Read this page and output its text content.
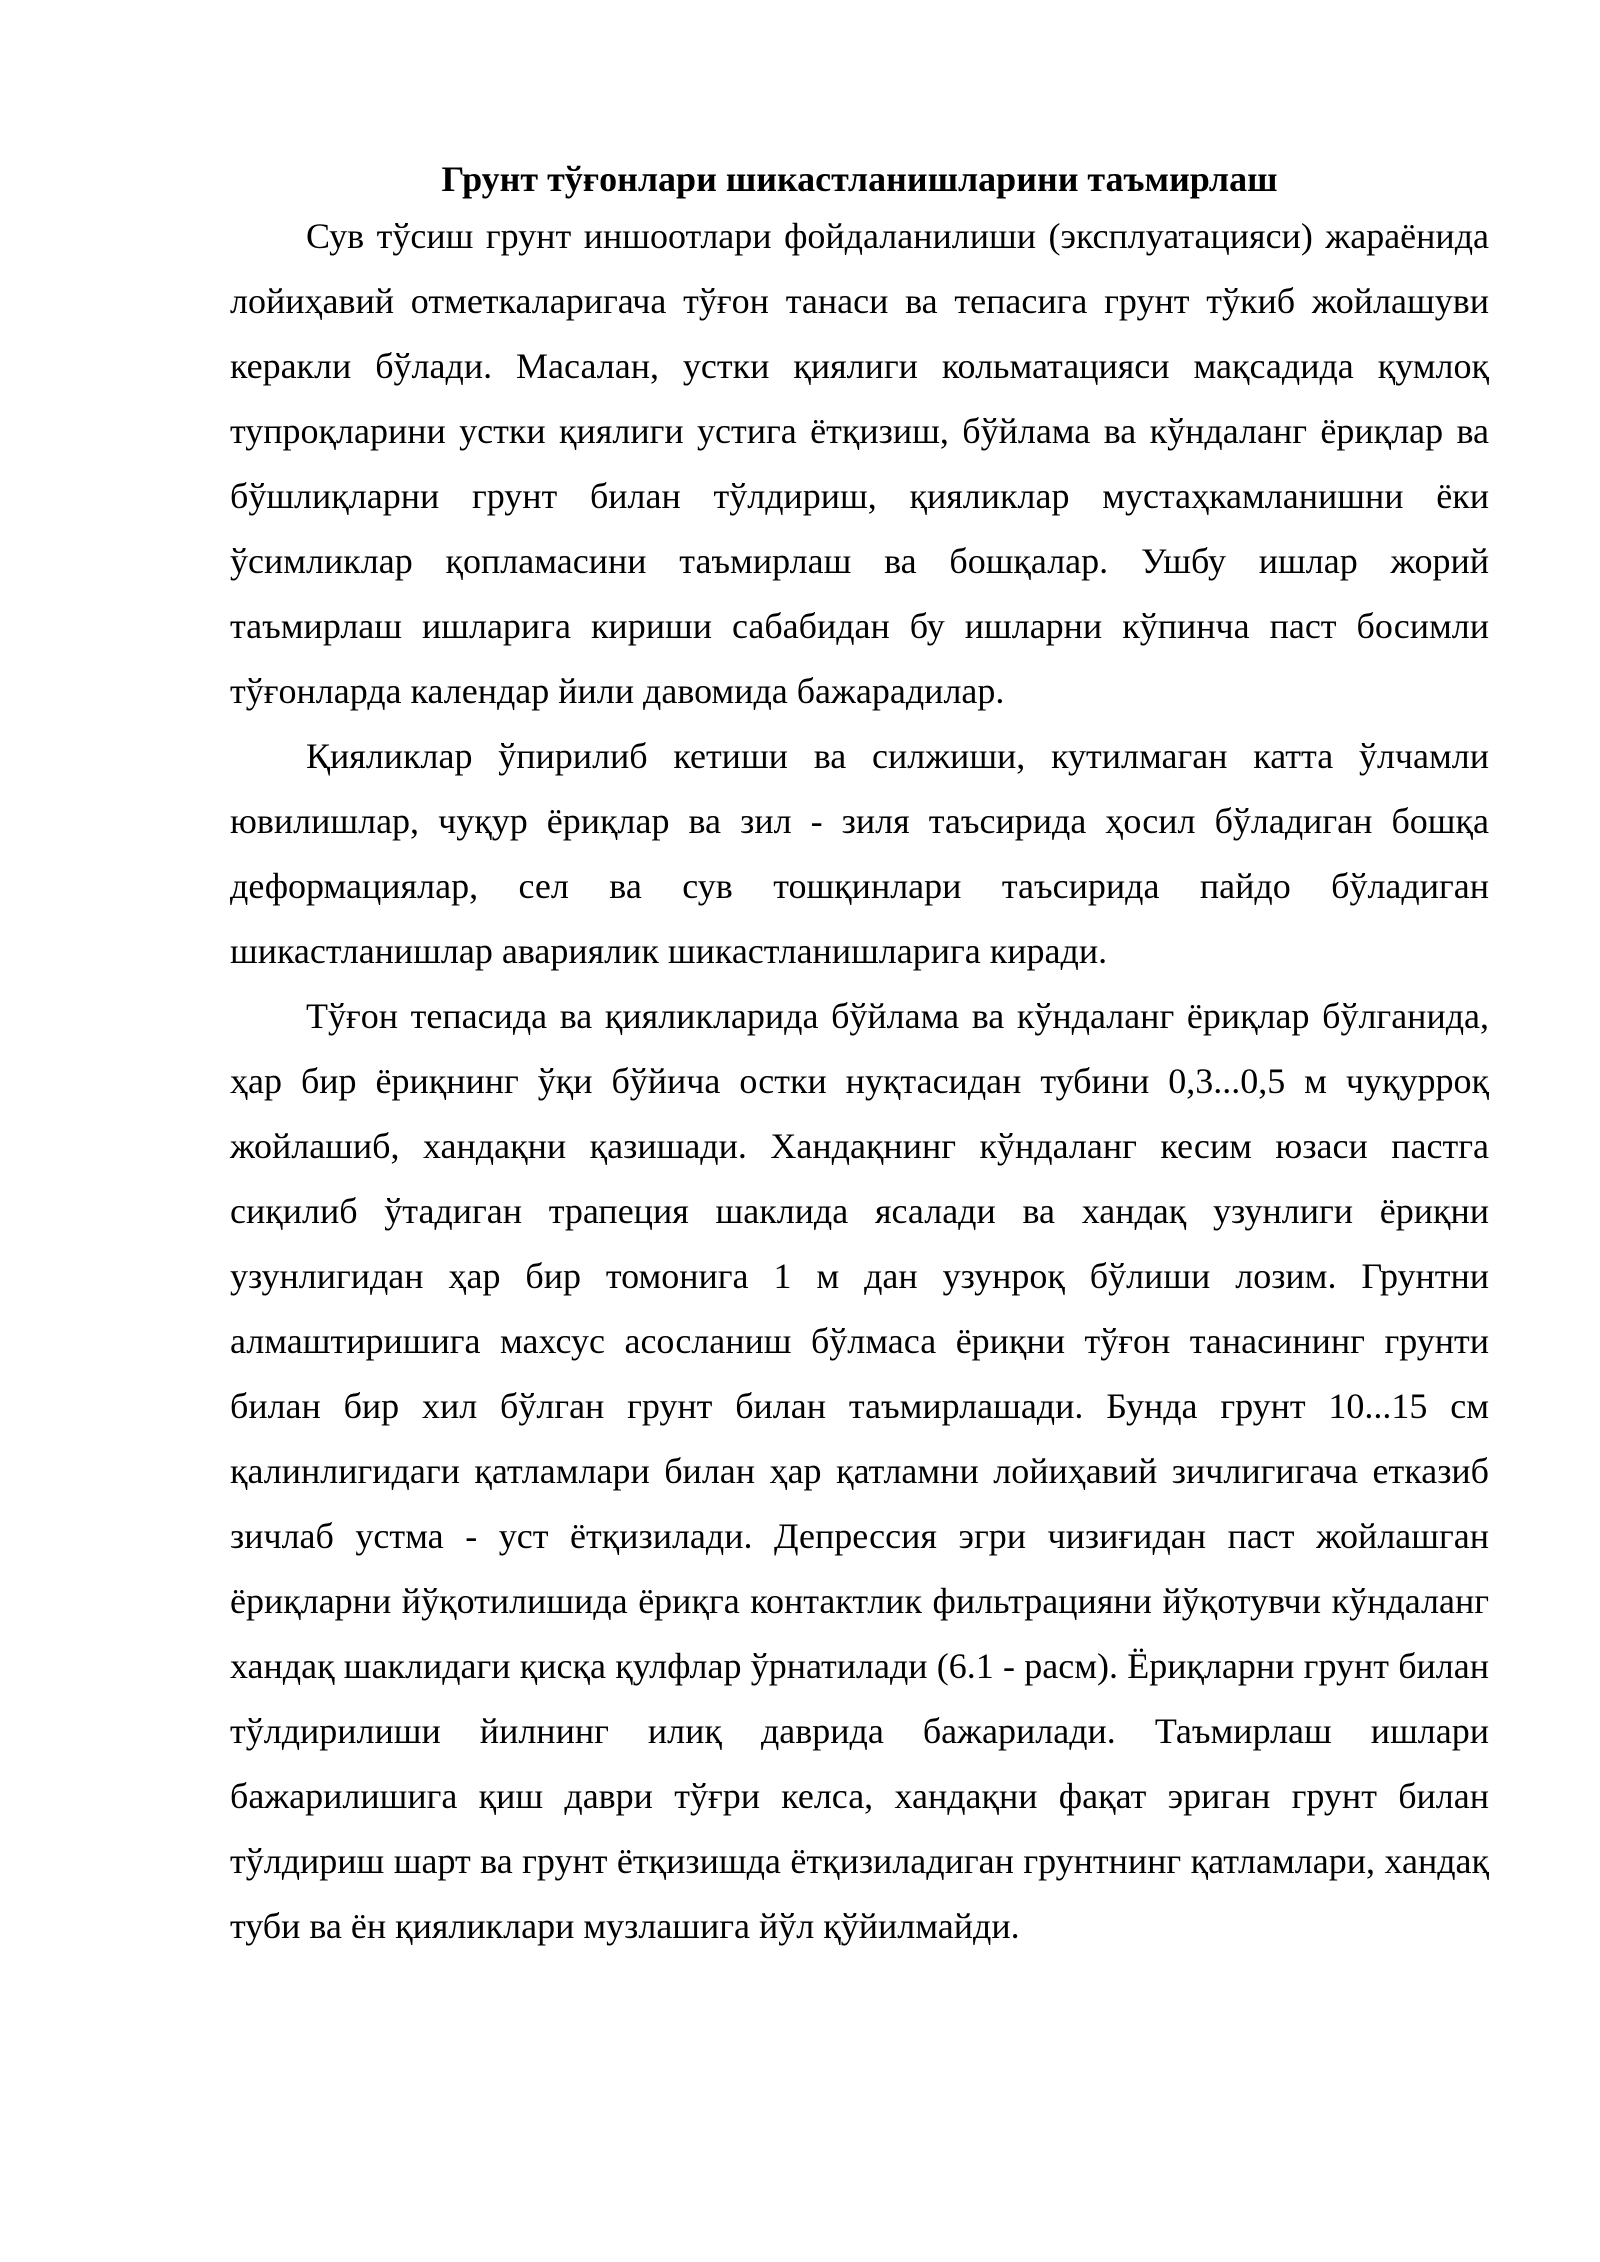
Грунт тўғонлари шикастланишларини таъмирлаш

Сув тўсиш грунт иншоотлари фойдаланилиши (эксплуатацияси) жараёнида лойиҳавий отметкаларигача тўғон танаси ва тепасига грунт тўкиб жойлашуви керакли бўлади. Масалан, устки қиялиги кольматацияси мақсадида қумлоқ тупроқларини устки қиялиги устига ётқизиш, бўйлама ва кўндаланг ёриқлар ва бўшлиқларни грунт билан тўлдириш, қияликлар мустаҳкамланишни ёки ўсимликлар қопламасини таъмирлаш ва бошқалар. Ушбу ишлар жорий таъмирлаш ишларига кириши сабабидан бу ишларни кўпинча паст босимли тўғонларда календар йили давомида бажарадилар.

Қияликлар ўпирилиб кетиши ва силжиши, кутилмаган катта ўлчамли ювилишлар, чуқур ёриқлар ва зил - зиля таъсирида ҳосил бўладиган бошқа деформациялар, сел ва сув тошқинлари таъсирида пайдо бўладиган шикастланишлар авариялик шикастланишларига киради.

Тўғон тепасида ва қияликларида бўйлама ва кўндаланг ёриқлар бўлганида, ҳар бир ёриқнинг ўқи бўйича остки нуқтасидан тубини 0,3...0,5 м чуқурроқ жойлашиб, хандақни қазишади. Хандақнинг кўндаланг кесим юзаси пастга сиқилиб ўтадиган трапеция шаклида ясалади ва хандақ узунлиги ёриқни узунлигидан ҳар бир томонига 1 м дан узунроқ бўлиши лозим. Грунтни алмаштиришига махсус асосланиш бўлмаса ёриқни тўғон танасининг грунти билан бир хил бўлган грунт билан таъмирлашади. Бунда грунт 10...15 см қалинлигидаги қатламлари билан ҳар қатламни лойиҳавий зичлигигача етказиб зичлаб устма - уст ётқизилади. Депрессия эгри чизиғидан паст жойлашган ёриқларни йўқотилишида ёриқга контактлик фильтрацияни йўқотувчи кўндаланг хандақ шаклидаги қисқа қулфлар ўрнатилади (6.1 - расм). Ёриқларни грунт билан тўлдирилиши йилнинг илиқ даврида бажарилади. Таъмирлаш ишлари бажарилишига қиш даври тўғри келса, хандақни фақат эриган грунт билан тўлдириш шарт ва грунт ётқизишда ётқизиладиган грунтнинг қатламлари, хандақ туби ва ён қияликлари музлашига йўл қўйилмайди.
